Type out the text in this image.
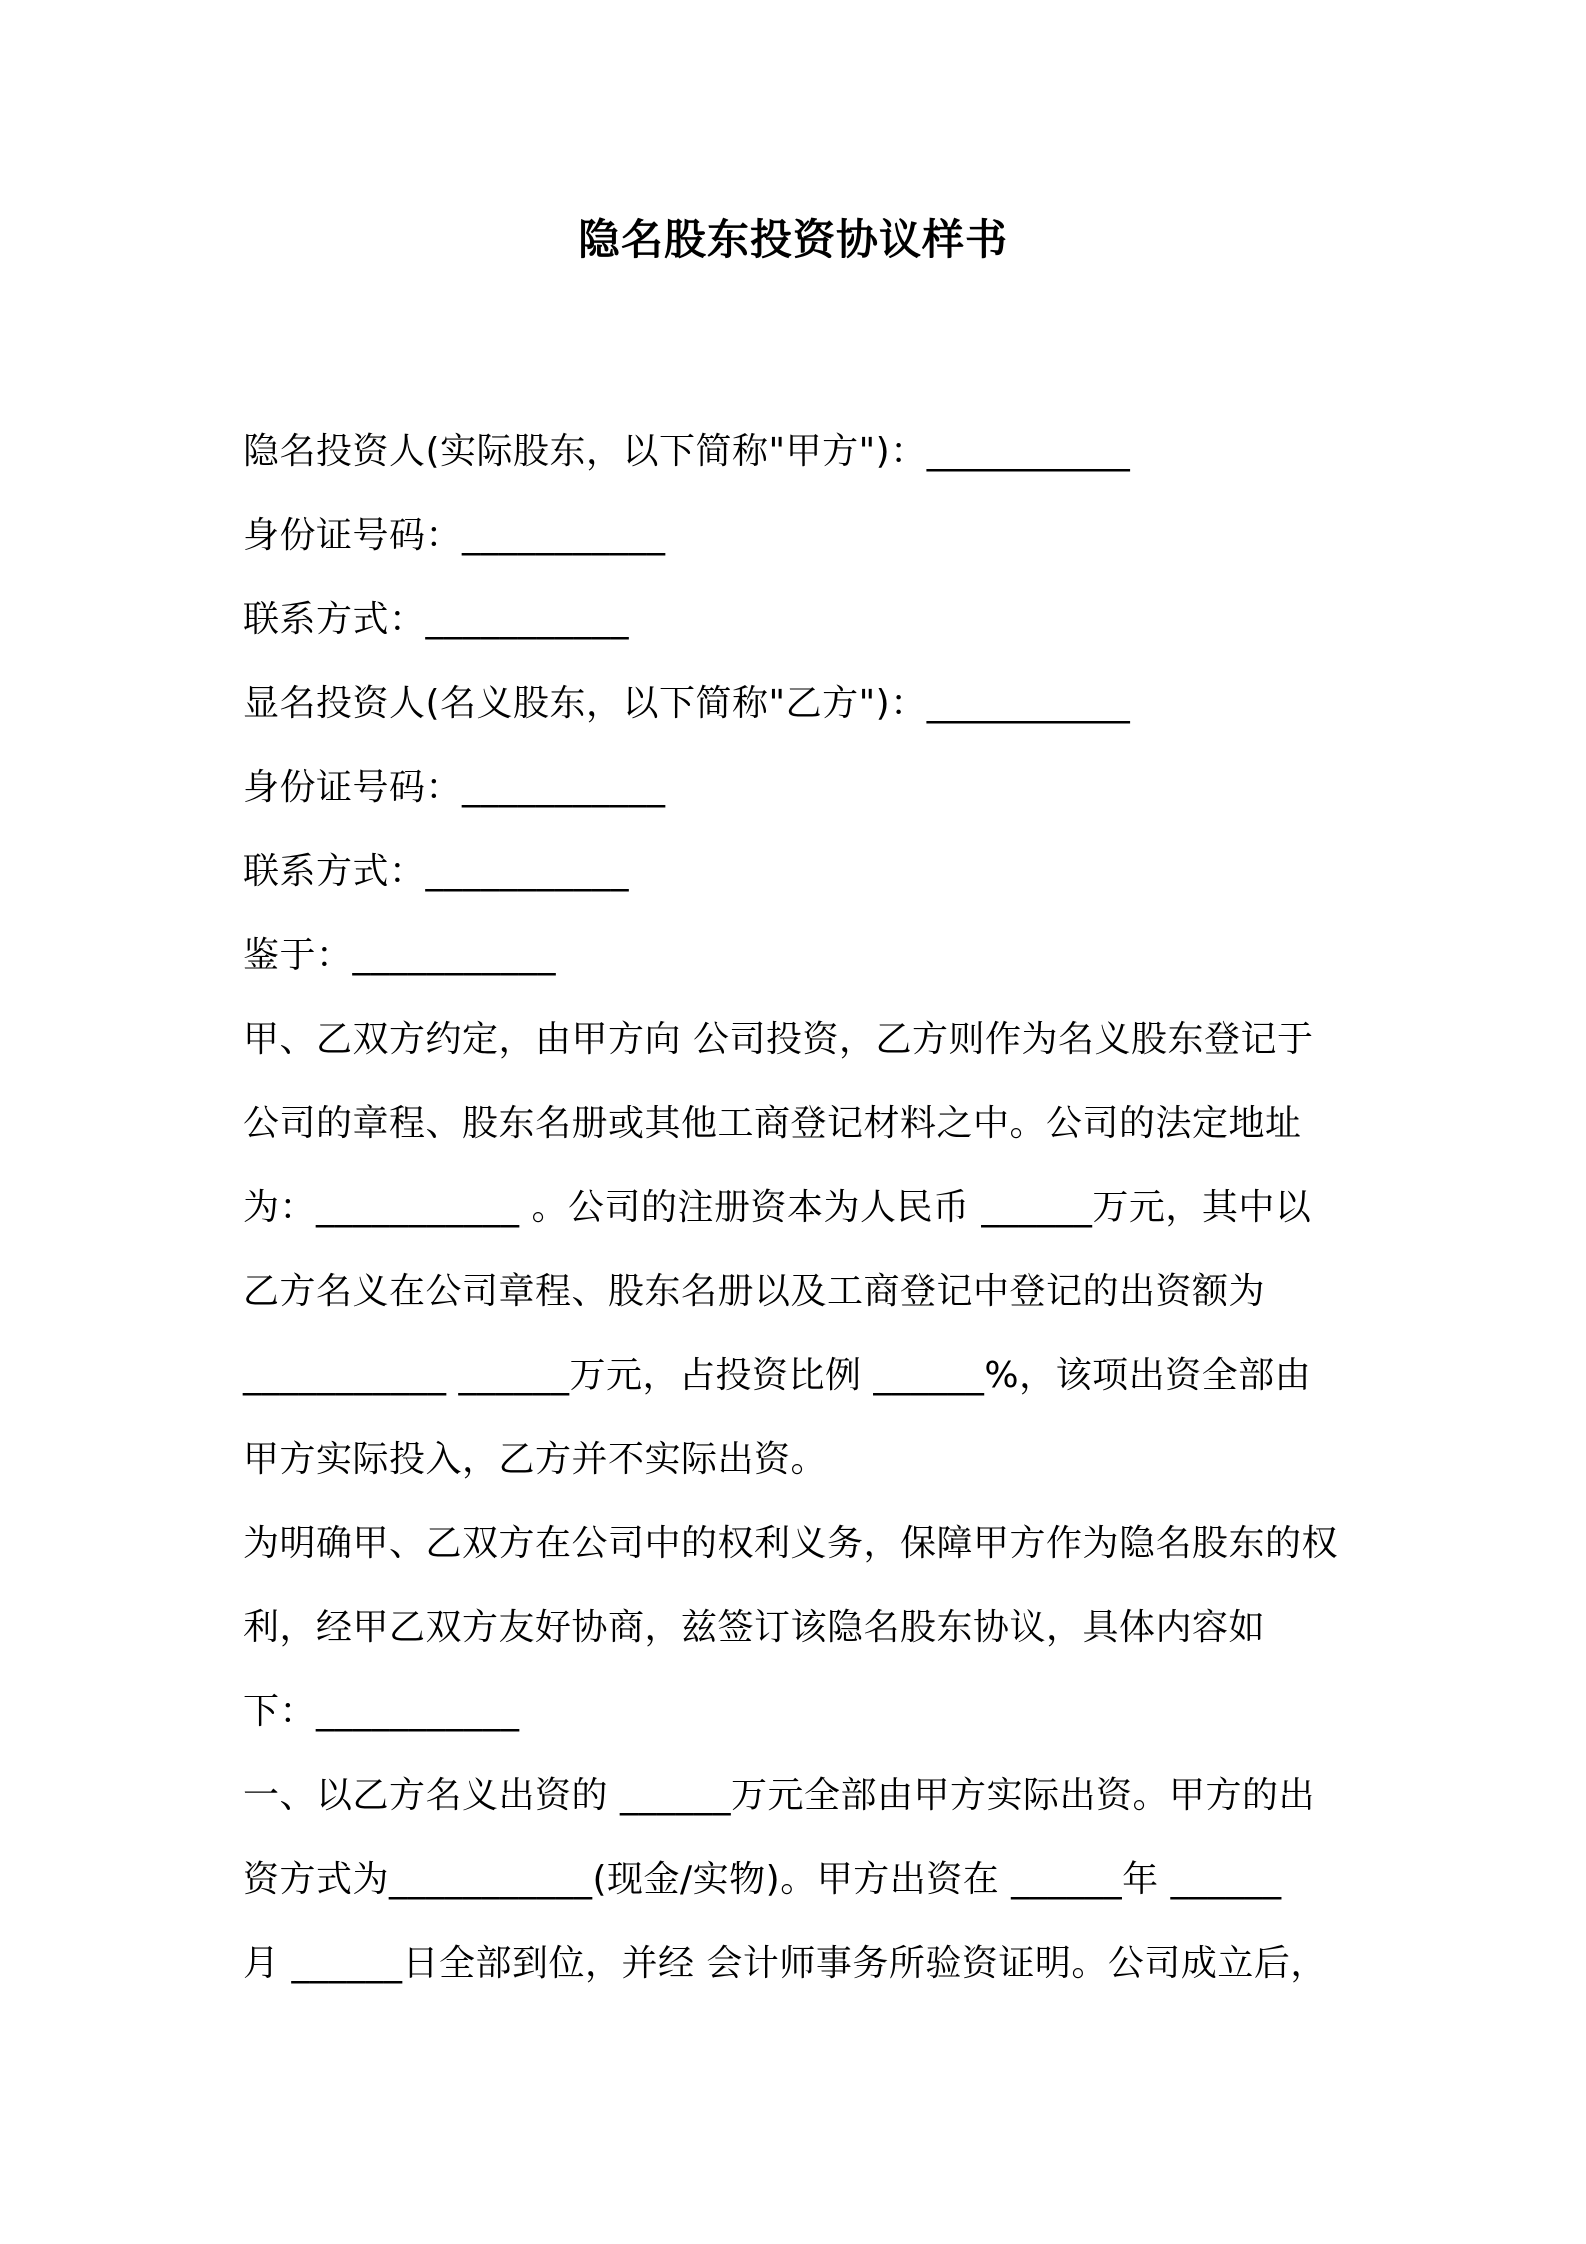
隐名股东投资协议样书
隐名投资人(实际股东，以下简称"甲方")：___________
身份证号码：___________
联系方式：___________
显名投资人(名义股东，以下简称"乙方")：___________
身份证号码：___________
联系方式：___________
鉴于：___________
甲、乙双方约定，由甲方向 公司投资，乙方则作为名义股东登记于
公司的章程、股东名册或其他工商登记材料之中。公司的法定地址
为：___________ 。公司的注册资本为人民币 ______万元，其中以
乙方名义在公司章程、股东名册以及工商登记中登记的出资额为
___________ ______万元，占投资比例 ______%，该项出资全部由
甲方实际投入，乙方并不实际出资。
为明确甲、乙双方在公司中的权利义务，保障甲方作为隐名股东的权
利，经甲乙双方友好协商，兹签订该隐名股东协议，具体内容如
下：___________
一、以乙方名义出资的 ______万元全部由甲方实际出资。甲方的出
资方式为___________(现金/实物)。甲方出资在 ______年 ______
月 ______日全部到位，并经 会计师事务所验资证明。公司成立后，
